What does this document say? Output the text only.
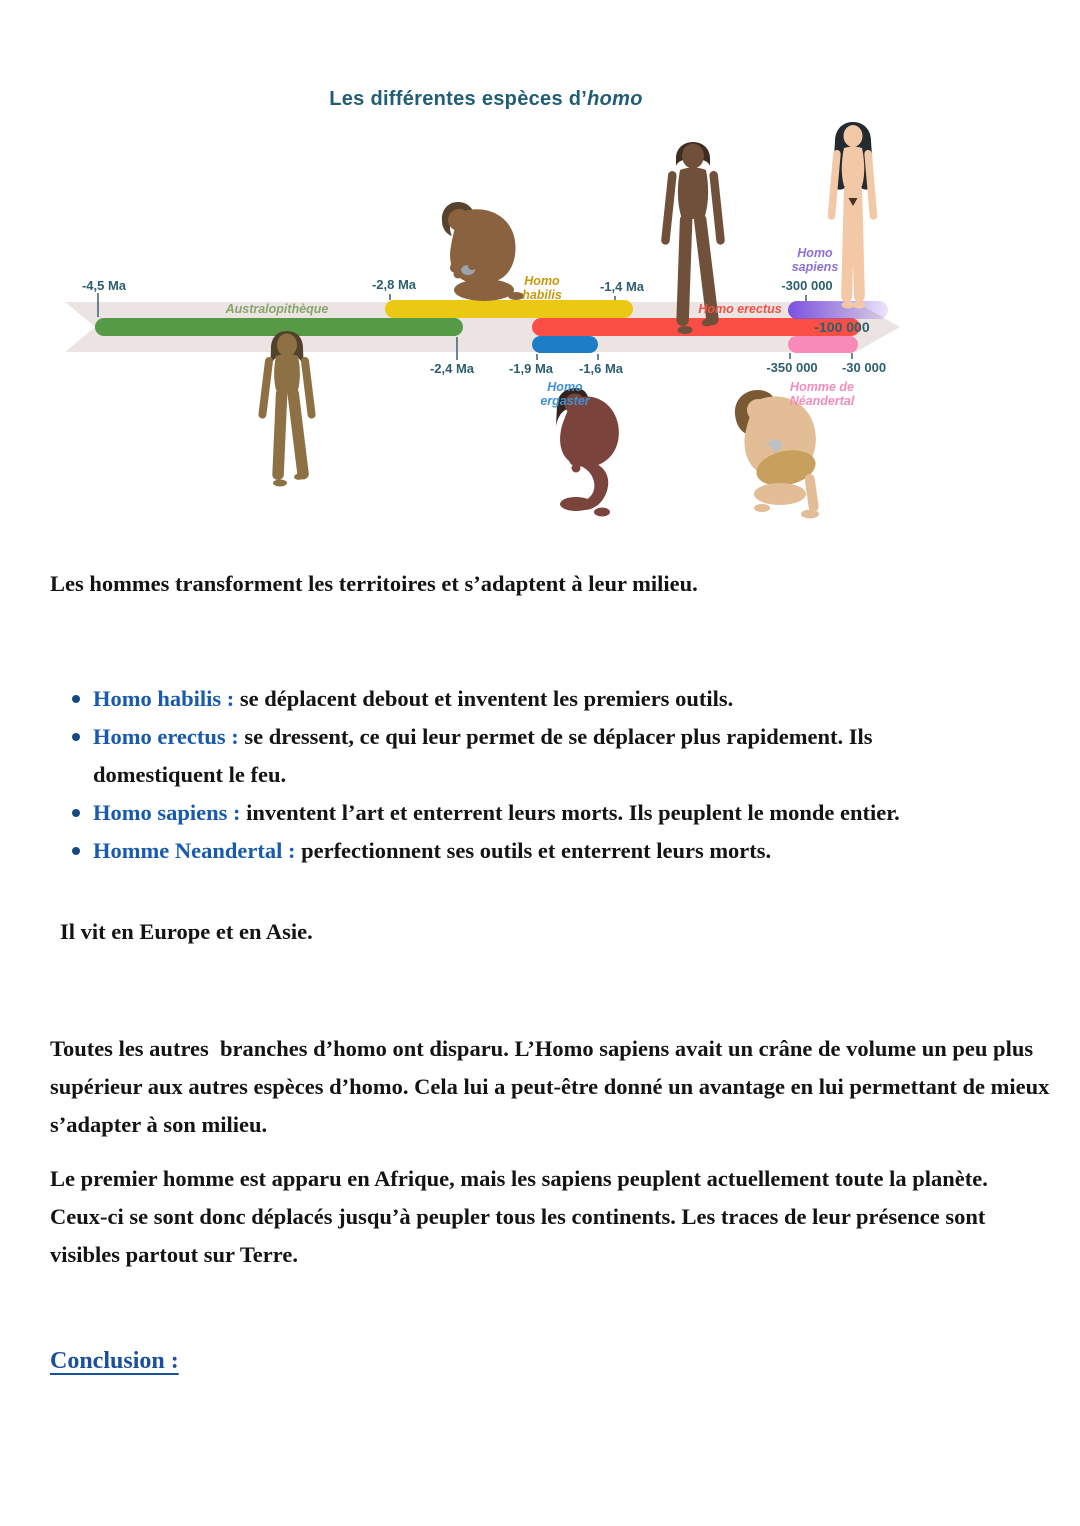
Les différentes espèces d’homo
-4,5 Ma	-2,8 Ma
-2,4 Ma
-1,4 Ma
-1,9 Ma -1,6 Ma
-300 000
-100 000
-350 000 -30 000
Australopithèque
Homo
habilis
Homo erectus
Homo
sapiens
Homo
ergaster
Homme de
Néandertal
Les hommes transforment les territoires et s’adaptent à leur milieu.
Homo habilis : se déplacent debout et inventent les premiers outils.
Homo erectus : se dressent, ce qui leur permet de se déplacer plus rapidement. Ils domestiquent le feu.
Homo sapiens : inventent l’art et enterrent leurs morts. Ils peuplent le monde entier.
Homme Neandertal : perfectionnent ses outils et enterrent leurs morts.
Il vit en Europe et en Asie.

Toutes les autres  branches d’homo ont disparu. L’Homo sapiens avait un crâne de volume un peu plus supérieur aux autres espèces d’homo. Cela lui a peut-être donné un avantage en lui permettant de mieux s’adapter à son milieu.

Le premier homme est apparu en Afrique, mais les sapiens peuplent actuellement toute la planète. Ceux-ci se sont donc déplacés jusqu’à peupler tous les continents. Les traces de leur présence sont visibles partout sur Terre.

Conclusion :
